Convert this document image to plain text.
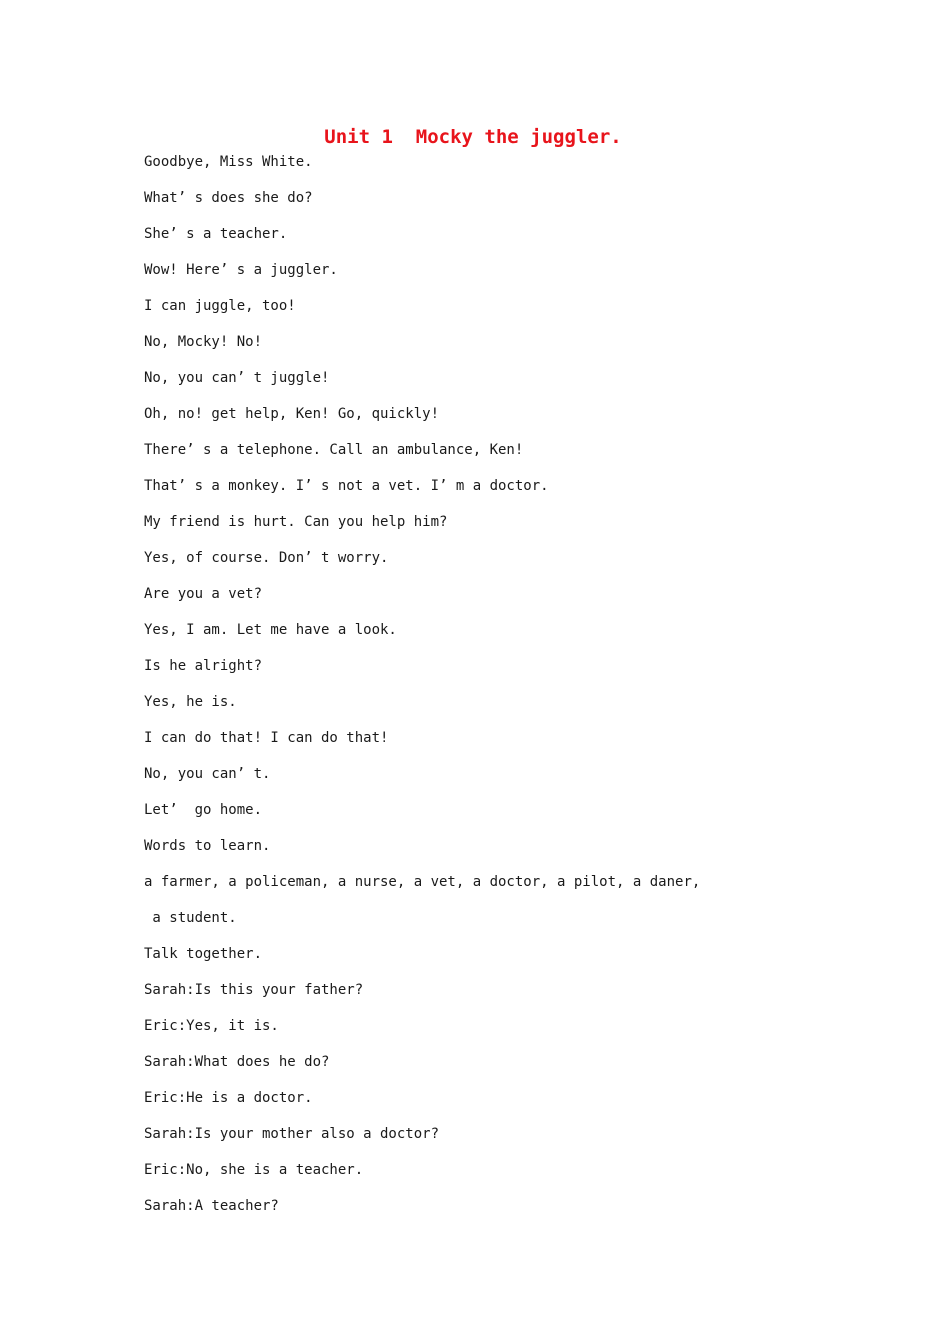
Unit 1  Mocky the juggler.
Goodbye, Miss White.
What’ s does she do?
She’ s a teacher.
Wow! Here’ s a juggler.
I can juggle, too!
No, Mocky! No!
No, you can’ t juggle!
Oh, no! get help, Ken! Go, quickly!
There’ s a telephone. Call an ambulance, Ken!
That’ s a monkey. I’ s not a vet. I’ m a doctor.
My friend is hurt. Can you help him?
Yes, of course. Don’ t worry.
Are you a vet?
Yes, I am. Let me have a look.
Is he alright?
Yes, he is.
I can do that! I can do that!
No, you can’ t.
Let’  go home.
Words to learn.
a farmer, a policeman, a nurse, a vet, a doctor, a pilot, a daner,
a student.
Talk together.
Sarah:Is this your father?
Eric:Yes, it is.
Sarah:What does he do?
Eric:He is a doctor.
Sarah:Is your mother also a doctor?
Eric:No, she is a teacher.
Sarah:A teacher?
